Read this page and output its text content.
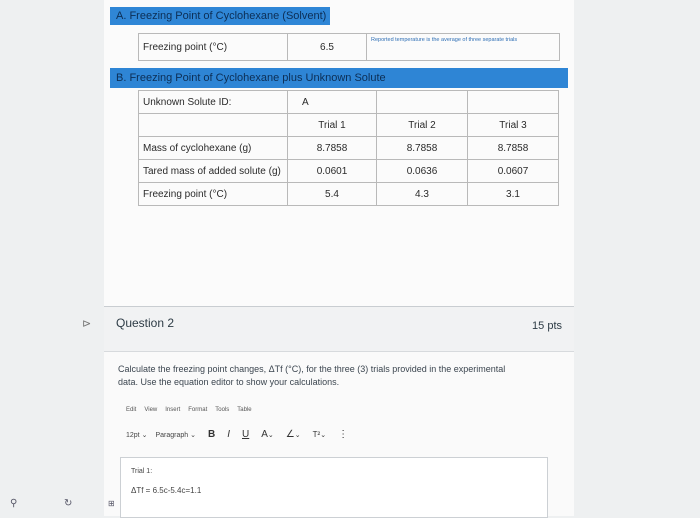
A. Freezing Point of Cyclohexane (Solvent)
Freezing point (°C)	6.5	Reported temperature is the average of three separate trials
B. Freezing Point of Cyclohexane plus Unknown Solute
Unknown Solute ID:	A		
	Trial 1	Trial 2	Trial 3
Mass of cyclohexane (g)	8.7858	8.7858	8.7858
Tared mass of added solute (g)	0.0601	0.0636	0.0607
Freezing point (°C)	5.4	4.3	3.1
⊳ Question 2	15 pts
Calculate the freezing point changes, ΔTf (°C), for the three (3) trials provided in the experimental
data. Use the equation editor to show your calculations.
Edit View Insert Format Tools Table
12pt ⌄ Paragraph ⌄ B I U A⌄ ∠⌄ T²⌄ ⋮
Trial 1:
ΔTf = 6.5c-5.4c=1.1
⚲	↻	⊞
